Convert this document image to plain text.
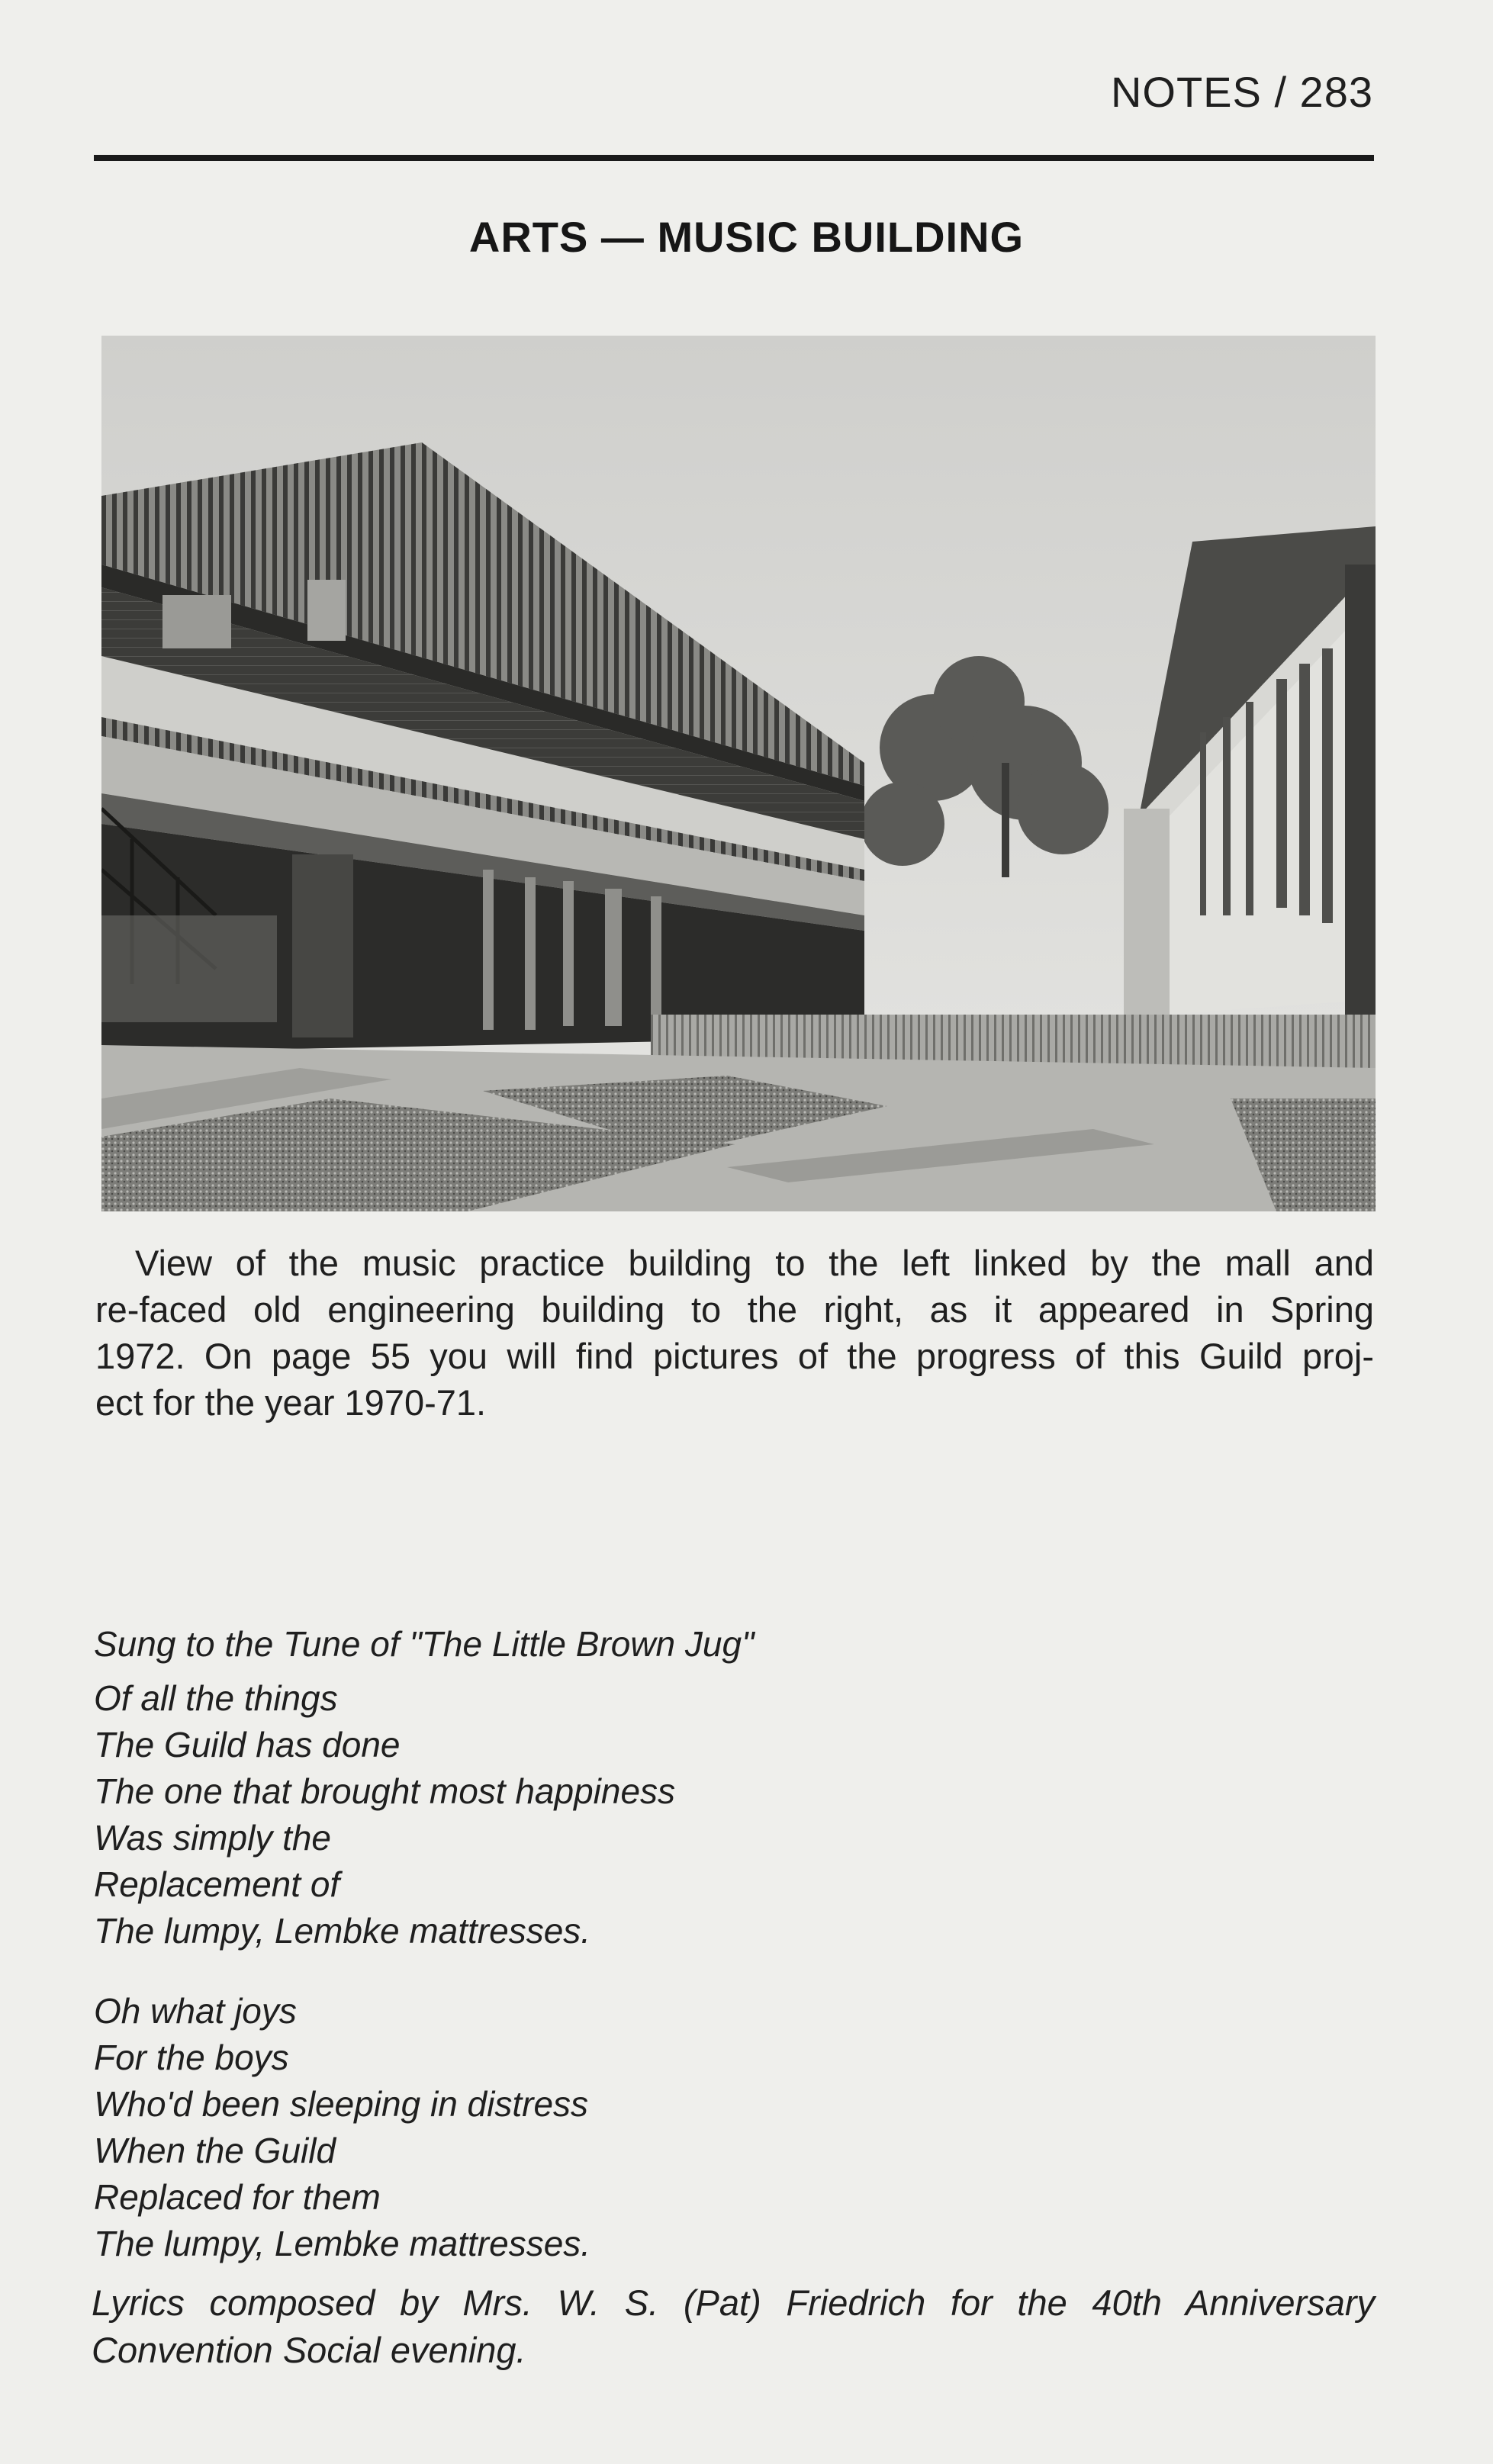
NOTES / 283
ARTS — MUSIC BUILDING
View of the music practice building to the left linked by the mall and
re-faced old engineering building to the right, as it appeared in Spring
1972. On page 55 you will find pictures of the progress of this Guild proj-
ect for the year 1970-71.
Sung to the Tune of "The Little Brown Jug"
Of all the things
The Guild has done
The one that brought most happiness
Was simply the
Replacement of
The lumpy, Lembke mattresses.
Oh what joys
For the boys
Who'd been sleeping in distress
When the Guild
Replaced for them
The lumpy, Lembke mattresses.
Lyrics composed by Mrs. W. S. (Pat) Friedrich for the 40th Anniversary
Convention Social evening.
